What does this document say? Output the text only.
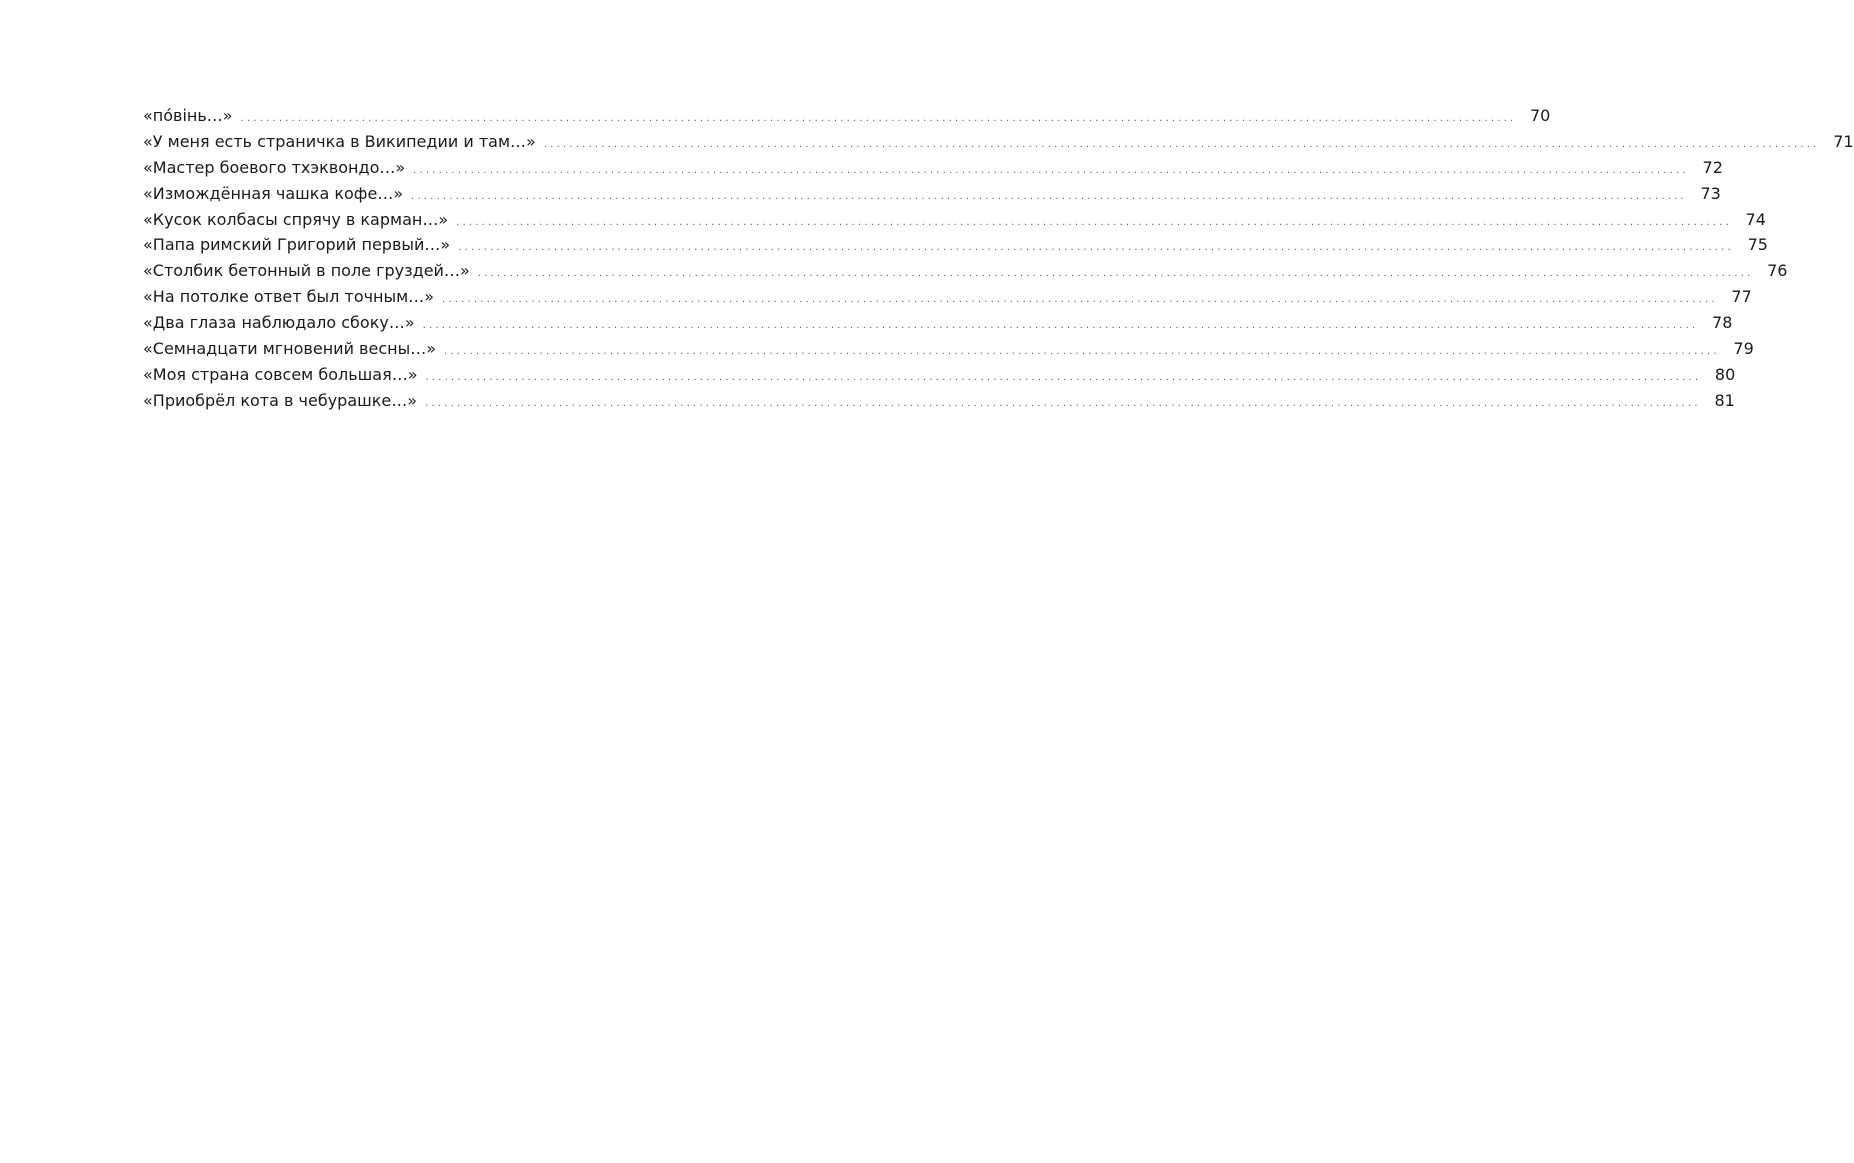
«по́вінь…» ........................................................................................................................................................................................................ 70
«У меня есть страничка в Википедии и там…» ........................................................................................................................................................................................................ 71
«Мастер боевого тхэквондо…» ........................................................................................................................................................................................................ 72
«Измождённая чашка кофе…» ........................................................................................................................................................................................................ 73
«Кусок колбасы спрячу в карман…» ........................................................................................................................................................................................................ 74
«Папа римский Григорий первый…» ........................................................................................................................................................................................................ 75
«Столбик бетонный в поле груздей…» ........................................................................................................................................................................................................ 76
«На потолке ответ был точным…» ........................................................................................................................................................................................................ 77
«Два глаза наблюдало сбоку…» ........................................................................................................................................................................................................ 78
«Семнадцати мгновений весны…» ........................................................................................................................................................................................................ 79
«Моя страна совсем большая…» ........................................................................................................................................................................................................ 80
«Приобрёл кота в чебурашке…» ........................................................................................................................................................................................................ 81
